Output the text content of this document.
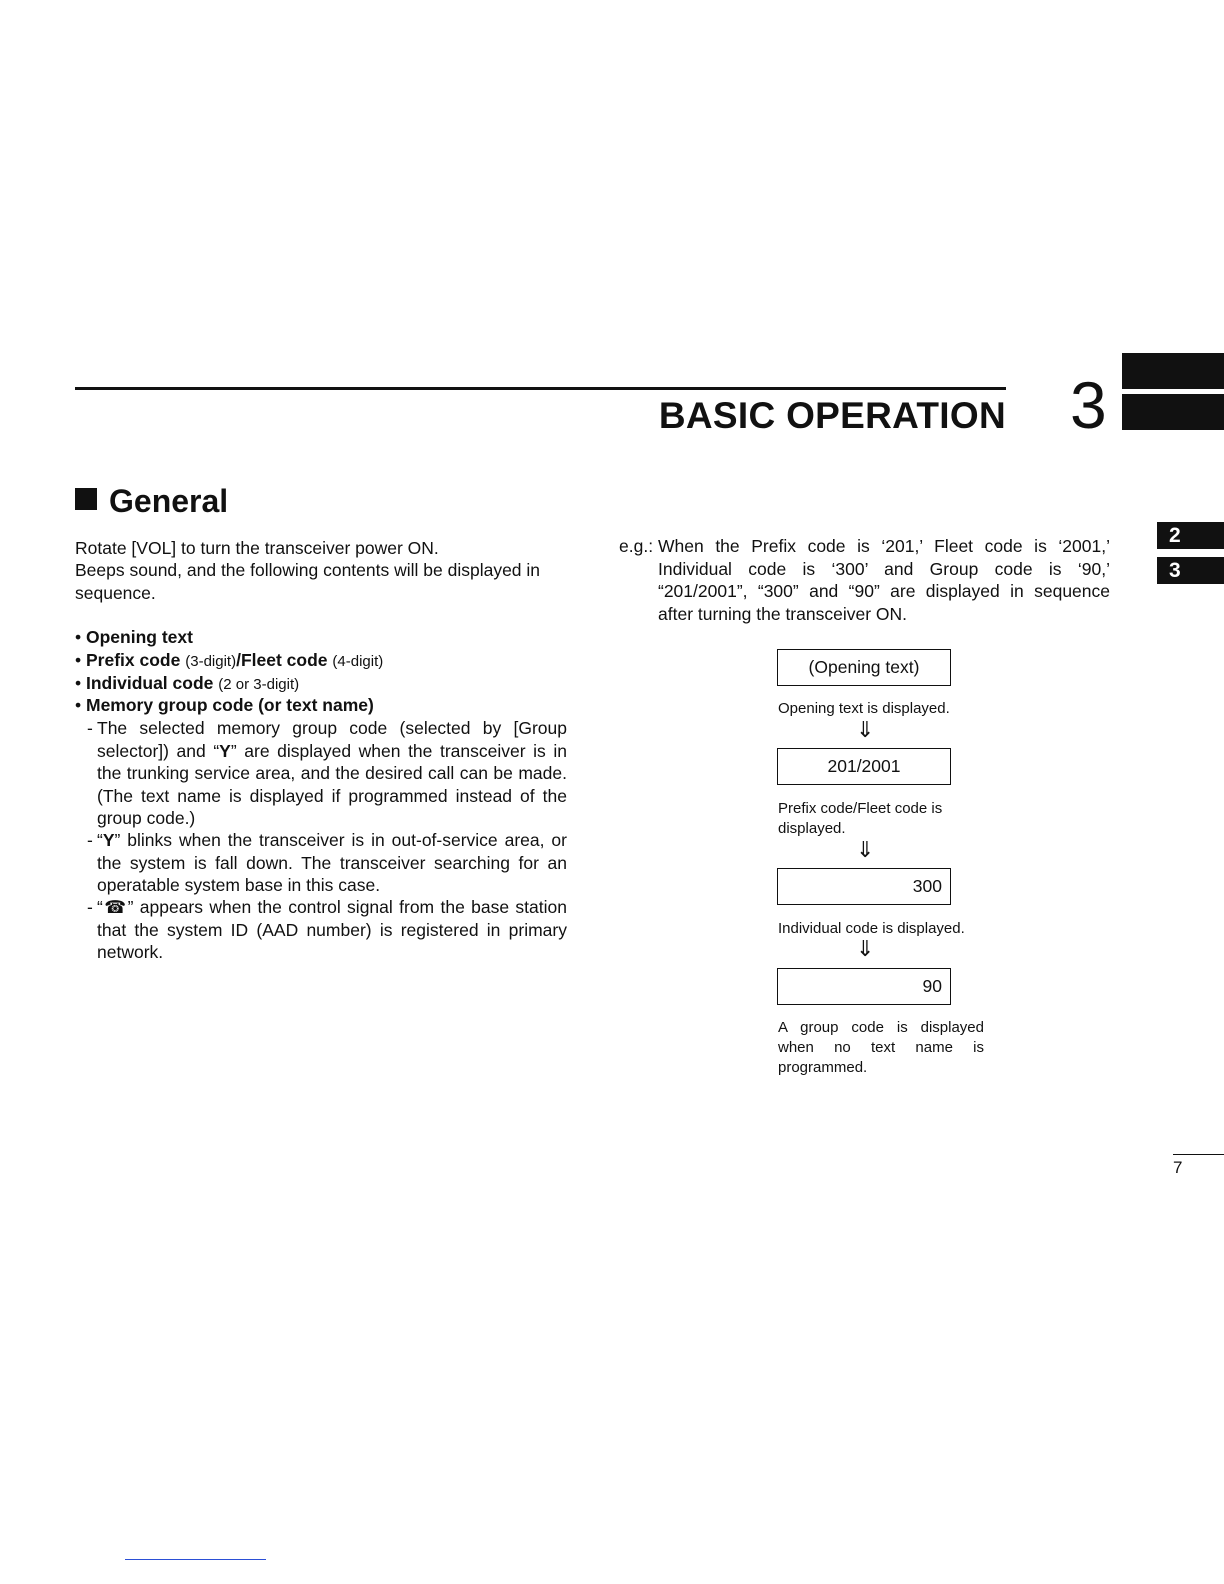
BASIC OPERATION 3
2
3
General
Rotate [VOL] to turn the transceiver power ON.
Beeps sound, and the following contents will be displayed in sequence.
• Opening text
• Prefix code (3-digit)/Fleet code (4-digit)
• Individual code (2 or 3-digit)
• Memory group code (or text name)
- The selected memory group code (selected by [Group selector]) and “Y” are displayed when the transceiver is in the trunking service area, and the desired call can be made. (The text name is displayed if programmed instead of the group code.)
- “Y” blinks when the transceiver is in out-of-service area, or the system is fall down. The transceiver searching for an operatable system base in this case.
- “☎” appears when the control signal from the base station that the system ID (AAD number) is registered in primary network.
e.g.: When the Prefix code is ‘201,’ Fleet code is ‘2001,’ Individual code is ‘300’ and Group code is ‘90,’ “201/2001”, “300” and “90” are displayed in sequence after turning the transceiver ON.
(Opening text)
Opening text is displayed.
⇓
201/2001
Prefix code/Fleet code is displayed.
⇓
300
Individual code is displayed.
⇓
90
A group code is displayed when no text name is programmed.
7
